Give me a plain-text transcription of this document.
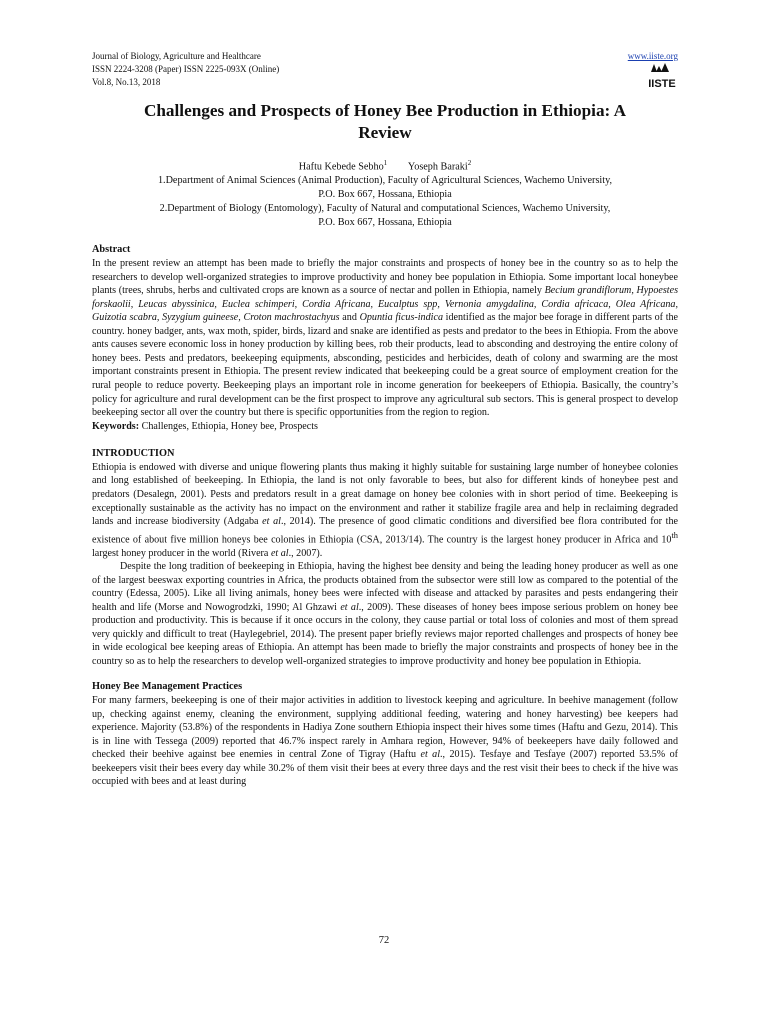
Journal of Biology, Agriculture and Healthcare
ISSN 2224-3208 (Paper) ISSN 2225-093X (Online)
Vol.8, No.13, 2018
www.iiste.org
IISTE
Challenges and Prospects of Honey Bee Production in Ethiopia: A
Review
Haftu Kebede Sebho$^1$ Yoseph Baraki$^2$
1.Department of Animal Sciences (Animal Production), Faculty of Agricultural Sciences, Wachemo University,
P.O. Box 667, Hossana, Ethiopia
2.Department of Biology (Entomology), Faculty of Natural and computational Sciences, Wachemo University,
P.O. Box 667, Hossana, Ethiopia
Abstract

In the present review an attempt has been made to briefly the major constraints and prospects of honey bee in the country so as to help the researchers to develop well-organized strategies to improve productivity and honey bee population in Ethiopia. Some important local honeybee plants (trees, shrubs, herbs and cultivated crops are known as a source of nectar and pollen in Ethiopia, namely Becium grandiflorum, Hypoestes forskaolii, Leucas abyssinica, Euclea schimperi, Cordia Africana, Eucalptus spp, Vernonia amygdalina, Cordia africaca, Olea Africana, Guizotia scabra, Syzygium guineese, Croton machrostachyus and Opuntia ficus-indica identified as the major bee forage in different parts of the country. honey badger, ants, wax moth, spider, birds, lizard and snake are identified as pests and predator to the bees in Ethiopia. From the above ants causes severe economic loss in honey production by killing bees, rob their products, lead to absconding and destroying the entire colony of honey bees. Pests and predators, beekeeping equipments, absconding, pesticides and herbicides, death of colony and swarming are the most important constraints present in Ethiopia. The present review indicated that beekeeping could be a great source of employment creation for the rural people to reduce poverty. Beekeeping plays an important role in income generation for beekeepers of Ethiopia. Basically, the country’s policy for agriculture and rural development can be the first prospect to improve any agricultural sub sectors. This is general prospect to develop beekeeping sector all over the country but there is specific opportunities from the region to region.

Keywords: Challenges, Ethiopia, Honey bee, Prospects
INTRODUCTION

Ethiopia is endowed with diverse and unique flowering plants thus making it highly suitable for sustaining large number of honeybee colonies and long established of beekeeping. In Ethiopia, the land is not only favorable to bees, but also for different kinds of honeybee pest and predators (Desalegn, 2001). Pests and predators result in a great damage on honey bee colonies with in short period of time. Beekeeping is exceptionally sustainable as the activity has no impact on the environment and rather it stabilize fragile area and help in reclaiming degraded lands and increase biodiversity (Adgaba et al., 2014). The presence of good climatic conditions and diversified bee flora contributed for the existence of about five million honeys bee colonies in Ethiopia (CSA, 2013/14). The country is the largest honey producer in Africa and 10th largest honey producer in the world (Rivera et al., 2007).

Despite the long tradition of beekeeping in Ethiopia, having the highest bee density and being the leading honey producer as well as one of the largest beeswax exporting countries in Africa, the products obtained from the subsector were still low as compared to the potential of the country (Edessa, 2005). Like all living animals, honey bees were infected with disease and attacked by parasites and pests endangering their health and life (Morse and Nowogrodzki, 1990; Al Ghzawi et al., 2009). These diseases of honey bees impose serious problem on honey bee production and productivity. This is because if it once occurs in the colony, they cause partial or total loss of colonies and most of them spread very quickly and difficult to treat (Haylegebriel, 2014). The present paper briefly reviews major reported challenges and prospects of honey bee in wide ecological bee keeping areas of Ethiopia. An attempt has been made to briefly the major constraints and prospects of honey bee in the country so as to help the researchers to develop well-organized strategies to improve productivity and honey bee population in Ethiopia.

Honey Bee Management Practices

For many farmers, beekeeping is one of their major activities in addition to livestock keeping and agriculture. In beehive management (follow up, checking against enemy, cleaning the environment, supplying additional feeding, watering and honey harvesting) bee keepers had experience. Majority (53.8%) of the respondents in Hadiya Zone southern Ethiopia inspect their hives some times (Haftu and Gezu, 2014). This is in line with Tessega (2009) reported that 46.7% inspect rarely in Amhara region, However, 94% of beekeepers have daily followed and checked their beehive against bee enemies in central Zone of Tigray (Haftu et al., 2015). Tesfaye and Tesfaye (2007) reported 53.5% of beekeepers visit their bees every day while 30.2% of them visit their bees at every three days and the rest visit their bees to check if the hive was occupied with bees and at least during

72
